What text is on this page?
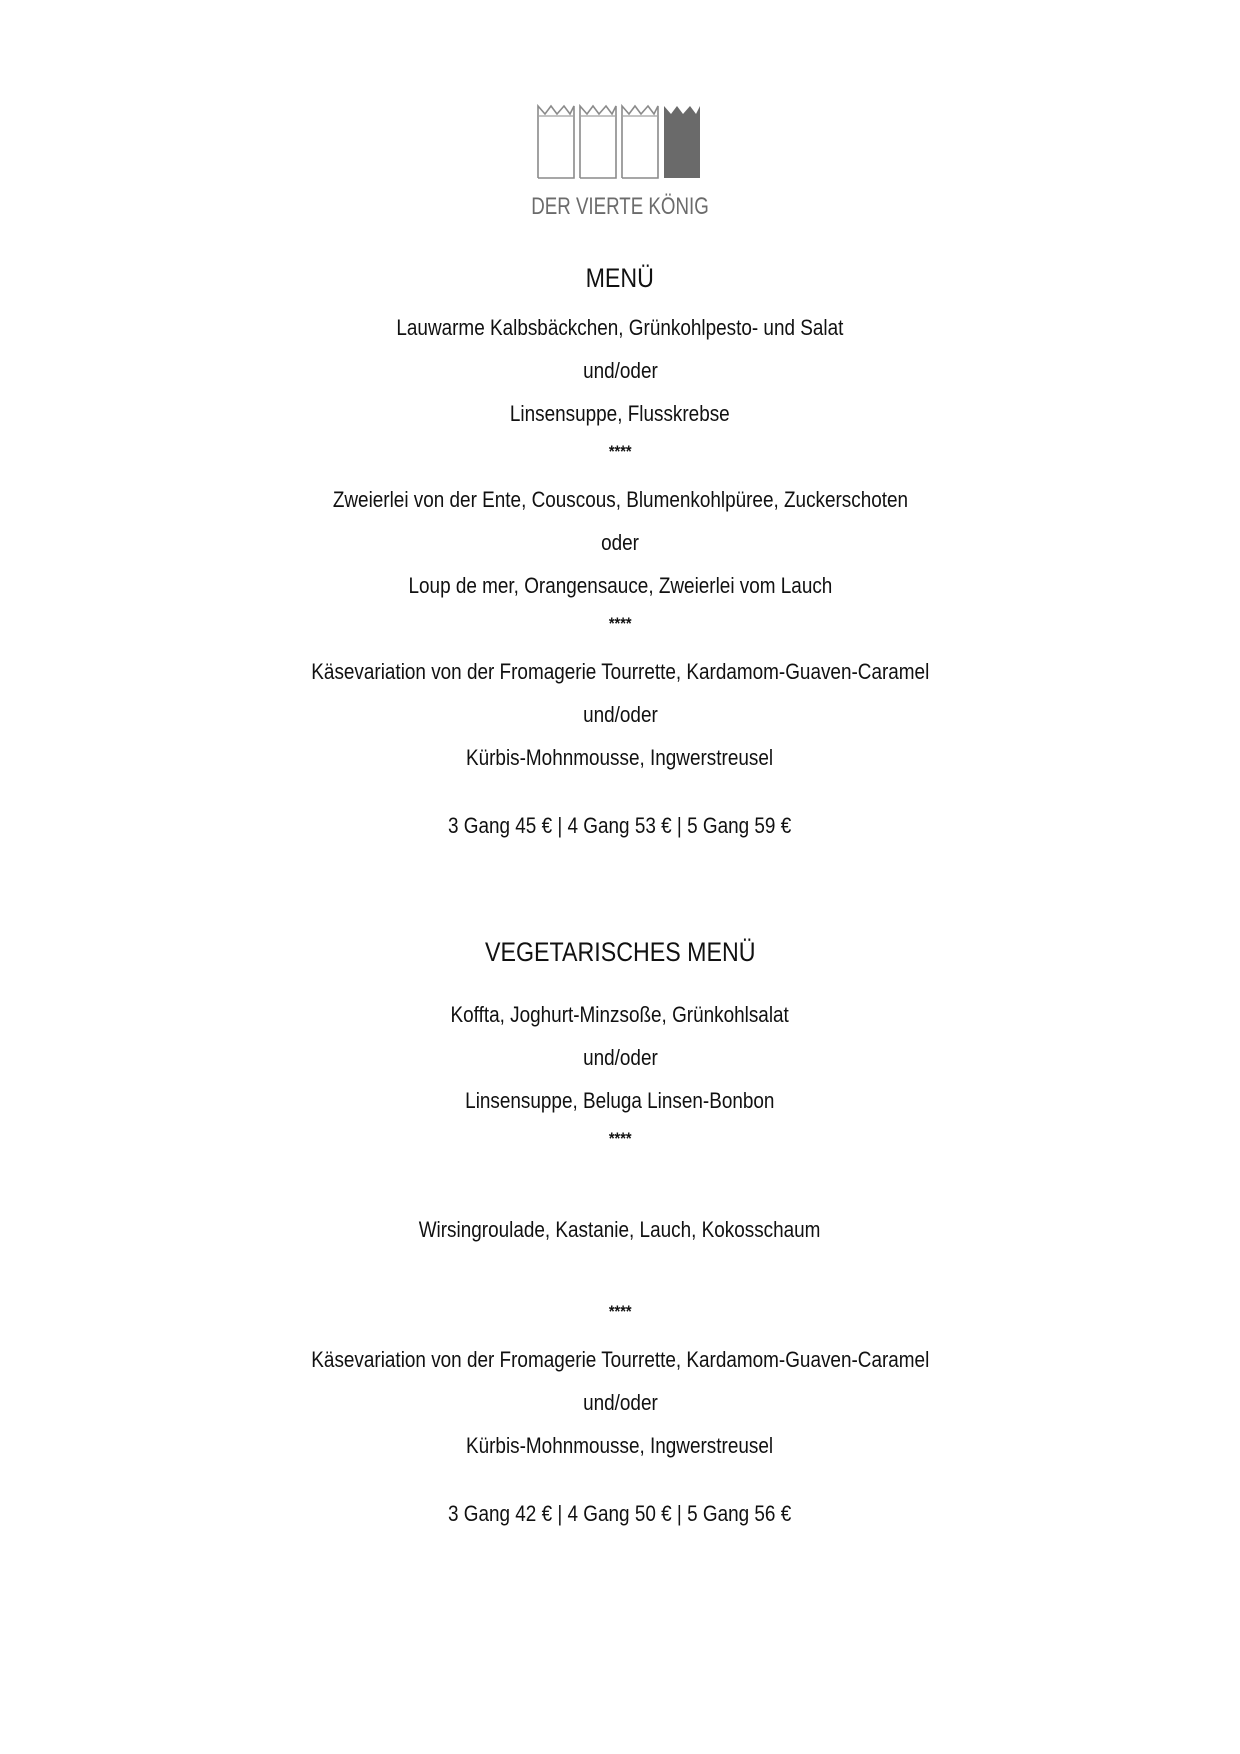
DER VIERTE KÖNIG
MENÜ
Lauwarme Kalbsbäckchen, Grünkohlpesto- und Salat
und/oder
Linsensuppe, Flusskrebse
****
Zweierlei von der Ente, Couscous, Blumenkohlpüree, Zuckerschoten
oder
Loup de mer, Orangensauce, Zweierlei vom Lauch
****
Käsevariation von der Fromagerie Tourrette, Kardamom-Guaven-Caramel
und/oder
Kürbis-Mohnmousse, Ingwerstreusel
3 Gang 45 € | 4 Gang 53 € | 5 Gang 59 €
VEGETARISCHES MENÜ
Koffta, Joghurt-Minzsoße, Grünkohlsalat
und/oder
Linsensuppe, Beluga Linsen-Bonbon
****
Wirsingroulade, Kastanie, Lauch, Kokosschaum
****
Käsevariation von der Fromagerie Tourrette, Kardamom-Guaven-Caramel
und/oder
Kürbis-Mohnmousse, Ingwerstreusel
3 Gang 42 € | 4 Gang 50 € | 5 Gang 56 €
